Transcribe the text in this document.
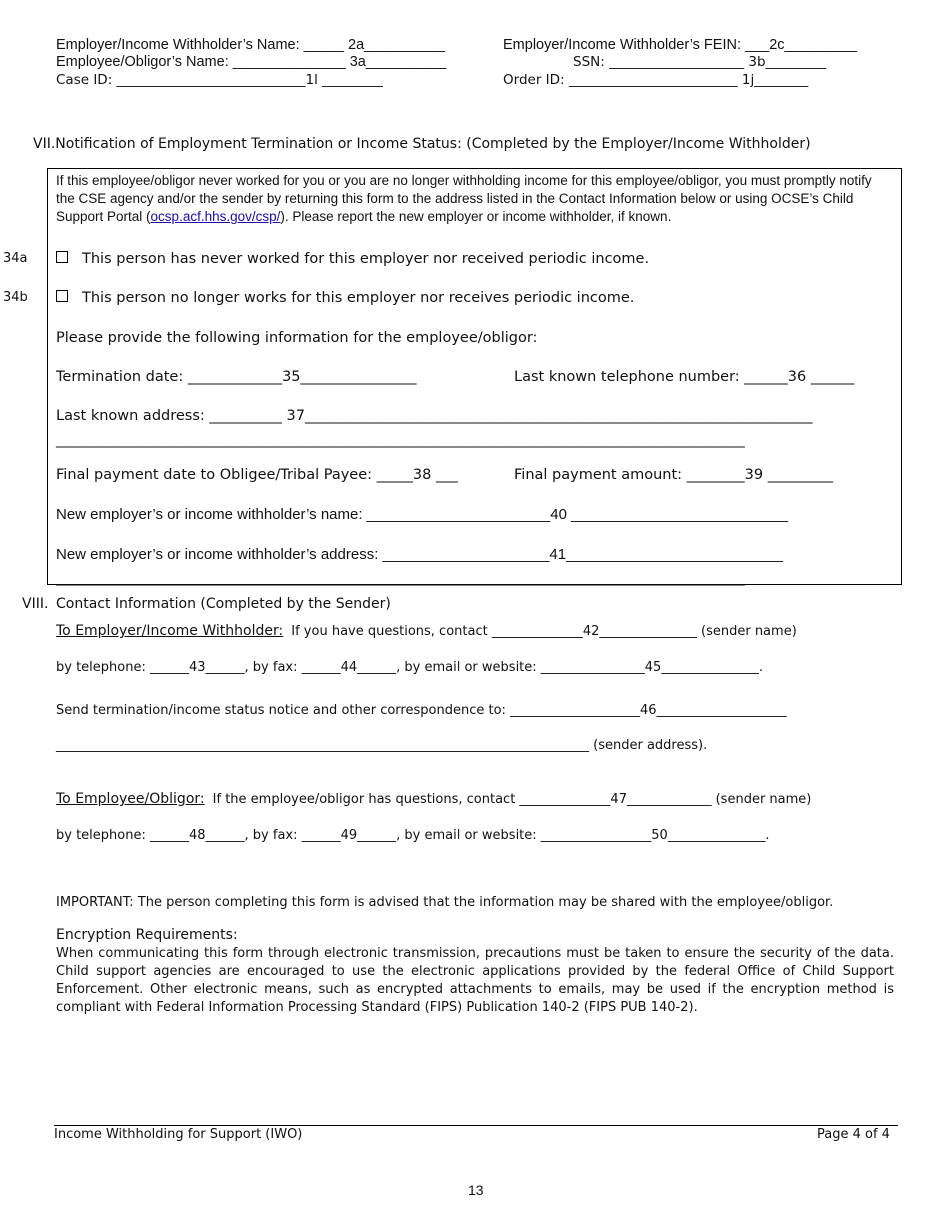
Employer/Income Withholder’s Name: _____ 2a__________	Employer/Income Withholder’s FEIN: ___2c_________
Employee/Obligor’s Name: ______________ 3a__________	SSN: ____________________ 3b_________
Case ID: ____________________________1l _________	Order ID: _________________________ 1j________
VII.Notification of Employment Termination or Income Status: (Completed by the Employer/Income Withholder)
If this employee/obligor never worked for you or you are no longer withholding income for this employee/obligor, you must promptly notify the CSE agency and/or the sender by returning this form to the address listed in the Contact Information below or using OCSE’s Child Support Portal (ocsp.acf.hhs.gov/csp/). Please report the new employer or income withholder, if known.
34a	This person has never worked for this employer nor received periodic income.
34b	This person no longer works for this employer nor receives periodic income.
Please provide the following information for the employee/obligor:
Termination date: _____________35________________	Last known telephone number: ______36 ______
Last known address: __________ 37______________________________________________________________________
_______________________________________________________________________________________________
Final payment date to Obligee/Tribal Payee: _____38 ___	Final payment amount: ________39 _________
New employer’s or income withholder’s name: ______________________40 __________________________
New employer’s or income withholder’s address: ____________________41__________________________
_______________________________________________________________________________________________
VIII. Contact Information (Completed by the Sender)
To Employer/Income Withholder: If you have questions, contact ______________42_______________ (sender name)
by telephone: ______43______, by fax: ______44______, by email or website: ________________45_______________.
Send termination/income status notice and other correspondence to: ____________________46____________________
__________________________________________________________________________________ (sender address).
To Employee/Obligor: If the employee/obligor has questions, contact ______________47_____________ (sender name)
by telephone: ______48______, by fax: ______49______, by email or website: _________________50_______________.
IMPORTANT: The person completing this form is advised that the information may be shared with the employee/obligor.
Encryption Requirements:
When communicating this form through electronic transmission, precautions must be taken to ensure the security of the data. Child support agencies are encouraged to use the electronic applications provided by the federal Office of Child Support Enforcement. Other electronic means, such as encrypted attachments to emails, may be used if the encryption method is compliant with Federal Information Processing Standard (FIPS) Publication 140-2 (FIPS PUB 140-2).
Income Withholding for Support (IWO)	Page 4 of 4
13
